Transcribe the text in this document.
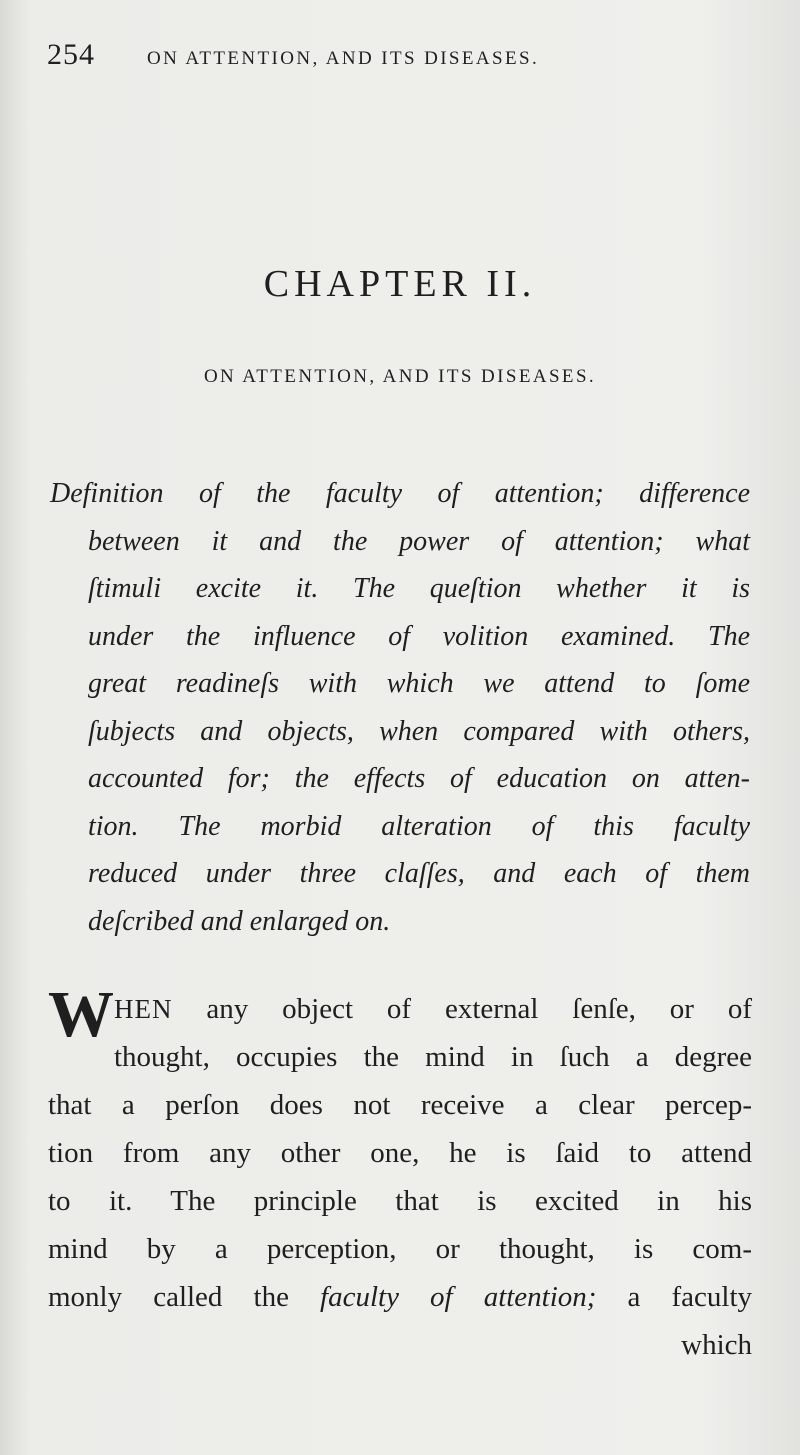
254	ON ATTENTION, AND ITS DISEASES.
CHAPTER II.
ON ATTENTION, AND ITS DISEASES.

Definition of the faculty of attention; difference
between it and the power of attention; what
ſtimuli excite it. The queſtion whether it is
under the influence of volition examined. The
great readineſs with which we attend to ſome
ſubjects and objects, when compared with others,
accounted for; the effects of education on atten-
tion. The morbid alteration of this faculty
reduced under three claſſes, and each of them
deſcribed and enlarged on.

W HEN any object of external ſenſe, or of
thought, occupies the mind in ſuch a degree
that a perſon does not receive a clear percep-
tion from any other one, he is ſaid to attend
to it. The principle that is excited in his
mind by a perception, or thought, is com-
monly called the faculty of attention; a faculty
which
